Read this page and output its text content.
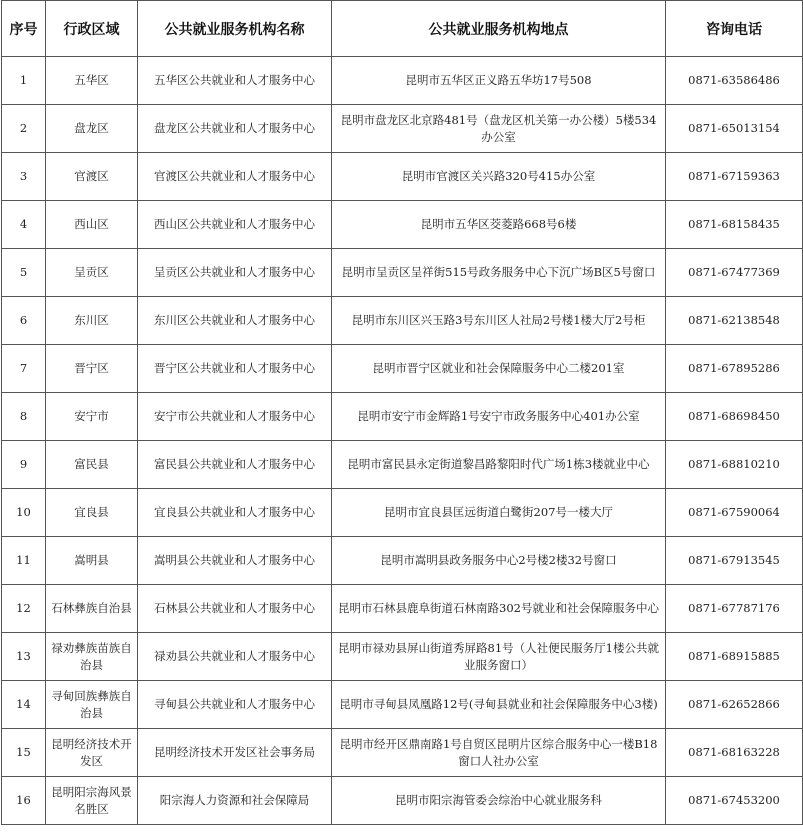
序号	行政区域	公共就业服务机构名称	公共就业服务机构地点	咨询电话
1	五华区	五华区公共就业和人才服务中心	昆明市五华区正义路五华坊17号508	0871-63586486
2	盘龙区	盘龙区公共就业和人才服务中心	昆明市盘龙区北京路481号（盘龙区机关第一办公楼）5楼534办公室	0871-65013154
3	官渡区	官渡区公共就业和人才服务中心	昆明市官渡区关兴路320号415办公室	0871-67159363
4	西山区	西山区公共就业和人才服务中心	昆明市五华区茭菱路668号6楼	0871-68158435
5	呈贡区	呈贡区公共就业和人才服务中心	昆明市呈贡区呈祥街515号政务服务中心下沉广场B区5号窗口	0871-67477369
6	东川区	东川区公共就业和人才服务中心	昆明市东川区兴玉路3号东川区人社局2号楼1楼大厅2号柜	0871-62138548
7	晋宁区	晋宁区公共就业和人才服务中心	昆明市晋宁区就业和社会保障服务中心二楼201室	0871-67895286
8	安宁市	安宁市公共就业和人才服务中心	昆明市安宁市金辉路1号安宁市政务服务中心401办公室	0871-68698450
9	富民县	富民县公共就业和人才服务中心	昆明市富民县永定街道黎昌路黎阳时代广场1栋3楼就业中心	0871-68810210
10	宜良县	宜良县公共就业和人才服务中心	昆明市宜良县匡远街道白鹭街207号一楼大厅	0871-67590064
11	嵩明县	嵩明县公共就业和人才服务中心	昆明市嵩明县政务服务中心2号楼2楼32号窗口	0871-67913545
12	石林彝族自治县	石林县公共就业和人才服务中心	昆明市石林县鹿阜街道石林南路302号就业和社会保障服务中心	0871-67787176
13	禄劝彝族苗族自治县	禄劝县公共就业和人才服务中心	昆明市禄劝县屏山街道秀屏路81号（人社便民服务厅1楼公共就业服务窗口）	0871-68915885
14	寻甸回族彝族自治县	寻甸县公共就业和人才服务中心	昆明市寻甸县凤凰路12号(寻甸县就业和社会保障服务中心3楼)	0871-62652866
15	昆明经济技术开发区	昆明经济技术开发区社会事务局	昆明市经开区鼎南路1号自贸区昆明片区综合服务中心一楼B18窗口人社办公室	0871-68163228
16	昆明阳宗海风景名胜区	阳宗海人力资源和社会保障局	昆明市阳宗海管委会综治中心就业服务科	0871-67453200
